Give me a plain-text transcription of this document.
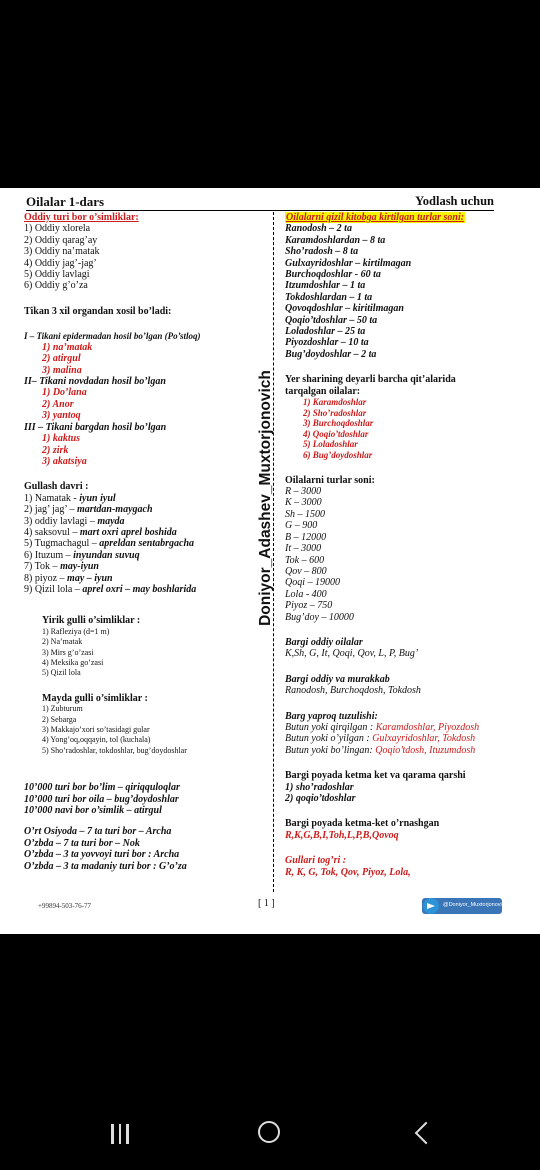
Oilalar 1-dars	Yodlash uchun
Doniyor_Adashev_Muxtorjonovich
Oddiy turi bor o’simliklar:
1) Oddiy xlorela
2) Oddiy qarag’ay
3) Oddiy na’matak
4) Oddiy jag’-jag’
5) Oddiy lavlagi
6) Oddiy g’o’za
Tikan 3 xil organdan xosil bo’ladi:
I – Tikani epidermadan hosil bo’lgan (Po’stloq)
1) na’matak
2) atirgul
3) malina
II– Tikani novdadan hosil bo’lgan
1) Do’lana
2) Anor
3) yantoq
III – Tikani bargdan hosil bo’lgan
1) kaktus
2) zirk
3) akatsiya
Gullash davri :
1) Namatak - iyun iyul
2) jag’ jag’ – martdan-maygach
3) oddiy lavlagi – mayda
4) saksovul – mart oxri aprel boshida
5) Tugmachagul – apreldan sentabrgacha
6) Ituzum – inyundan suvuq
7) Tok – may-iyun
8) piyoz – may – iyun
9) Qizil lola – aprel oxri – may boshlarida
Yirik gulli o’simliklar :
1) Rafleziya (d=1 m)
2) Na’matak
3) Mirs g’o’zasi
4) Meksika go’zasi
5) Qizil lola
Mayda gulli o’simliklar :
1) Zubturum
2) Sebarga
3) Makkajo’xori so’tasidagi gular
4) Yong’oq,oqqayin, tol (kuchala)
5) Sho’radoshlar, tokdoshlar, bug’doydoshlar
10’000 turi bor bo’lim – qiriqquloqlar
10’000 turi bor oila – bug’doydoshlar
10’000 navi bor o’simlik – atirgul
O’rt Osiyoda – 7 ta turi bor – Archa
O’zbda – 7 ta turi bor – Nok
O’zbda – 3 ta yovvoyi turi bor : Archa
O’zbda – 3 ta madaniy turi bor : G’o’za
Oilalarni qizil kitobga kirtilgan turlar soni:
Ranodosh – 2 ta
Karamdoshlardan – 8 ta
Sho’radosh – 8 ta
Gulxayridoshlar – kirtilmagan
Burchoqdoshlar - 60 ta
Itzumdoshlar – 1 ta
Tokdoshlardan – 1 ta
Qovoqdoshlar – kiritilmagan
Qoqio’tdoshlar – 50 ta
Loladoshlar – 25 ta
Piyozdoshlar – 10 ta
Bug’doydoshlar – 2 ta
Yer sharining deyarli barcha qit’alarida
tarqalgan oilalar:
1) Karamdoshlar
2) Sho’radoshlar
3) Burchoqdoshlar
4) Qoqio’tdoshlar
5) Loladoshlar
6) Bug’doydoshlar
Oilalarni turlar soni:
R – 3000
K – 3000
Sh – 1500
G – 900
B – 12000
It – 3000
Tok – 600
Qov – 800
Qoqi – 19000
Lola - 400
Piyoz – 750
Bug’doy – 10000
Bargi oddiy oilalar
K,Sh, G, It, Qoqi, Qov, L, P, Bug’
Bargi oddiy va murakkab
Ranodosh, Burchoqdosh, Tokdosh
Barg yaproq tuzulishi:
Butun yoki qirqilgan : Karamdoshlar, Piyozdosh
Butun yoki o’yilgan : Gulxayridoshlar, Tokdosh
Butun yoki bo’lingan: Qoqio’tdosh, Ituzumdosh
Bargi poyada ketma ket va qarama qarshi
1) sho’radoshlar
2) qoqio’tdoshlar
Bargi poyada ketma-ket o’rnashgan
R,K,G,B,I,Toh,L,P,B,Qovoq
Gullari tog’ri :
R, K, G, Tok, Qov, Piyoz, Lola,
+99894-503-76-77	[ 1 ]	@Doniyor_Muxtorjonovich
